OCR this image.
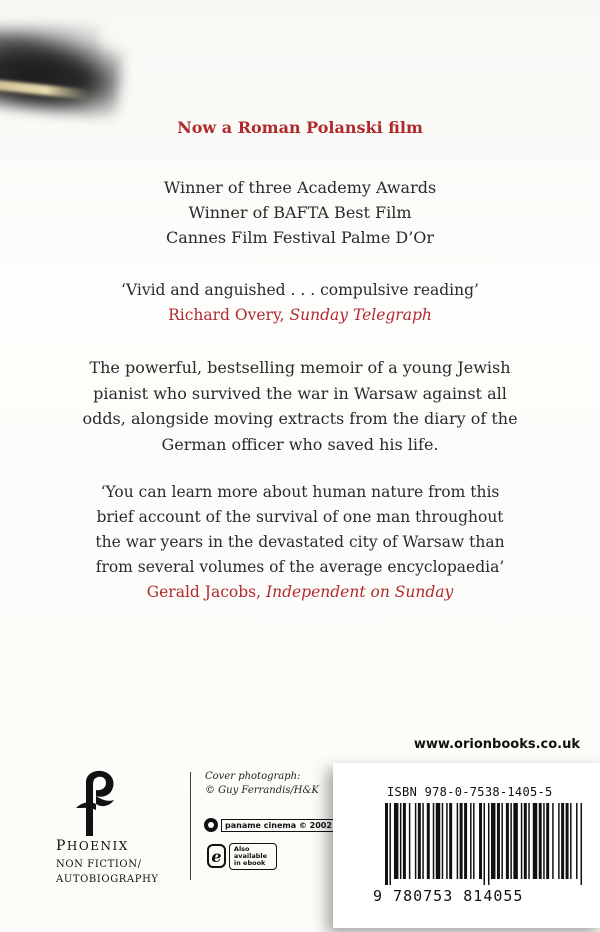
Now a Roman Polanski film
Winner of three Academy Awards
Winner of BAFTA Best Film
Cannes Film Festival Palme D’Or
‘Vivid and anguished . . . compulsive reading’
Richard Overy, Sunday Telegraph
The powerful, bestselling memoir of a young Jewish
pianist who survived the war in Warsaw against all
odds, alongside moving extracts from the diary of the
German officer who saved his life.
‘You can learn more about human nature from this
brief account of the survival of one man throughout
the war years in the devastated city of Warsaw than
from several volumes of the average encyclopaedia’
Gerald Jacobs, Independent on Sunday
www.orionbooks.co.uk
PHOENIX
NON FICTION/
AUTOBIOGRAPHY
Cover photograph:
© Guy Ferrandis/H&K
paname cinema © 2002
e	Also available
in ebook
ISBN 978-0-7538-1405-5
9 780753 814055
